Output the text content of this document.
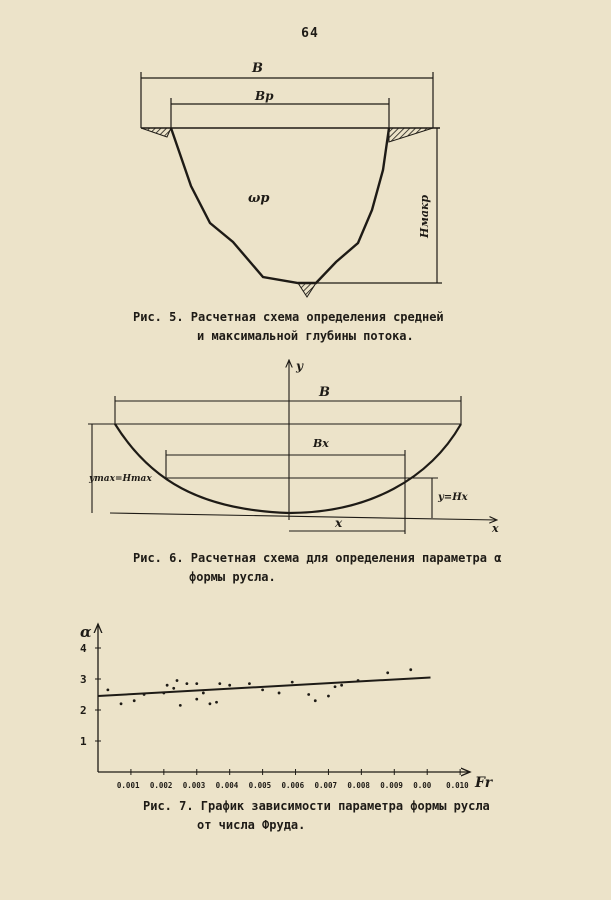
64
B
Bp
ωp	Hмакр
Рис. 5. Расчетная схема определения средней
и максимальной глубины потока.
y
x
B
Bx
ymax=Hmax
y=Hx
x
Рис. 6. Расчетная схема для определения параметра α
формы русла.
α
Fr
1
2
3
4
0.001 0.002 0.003 0.004 0.005 0.006 0.007 0.008 0.009 0.00 0.010
Рис. 7. График зависимости параметра формы русла
от числа Фруда.
